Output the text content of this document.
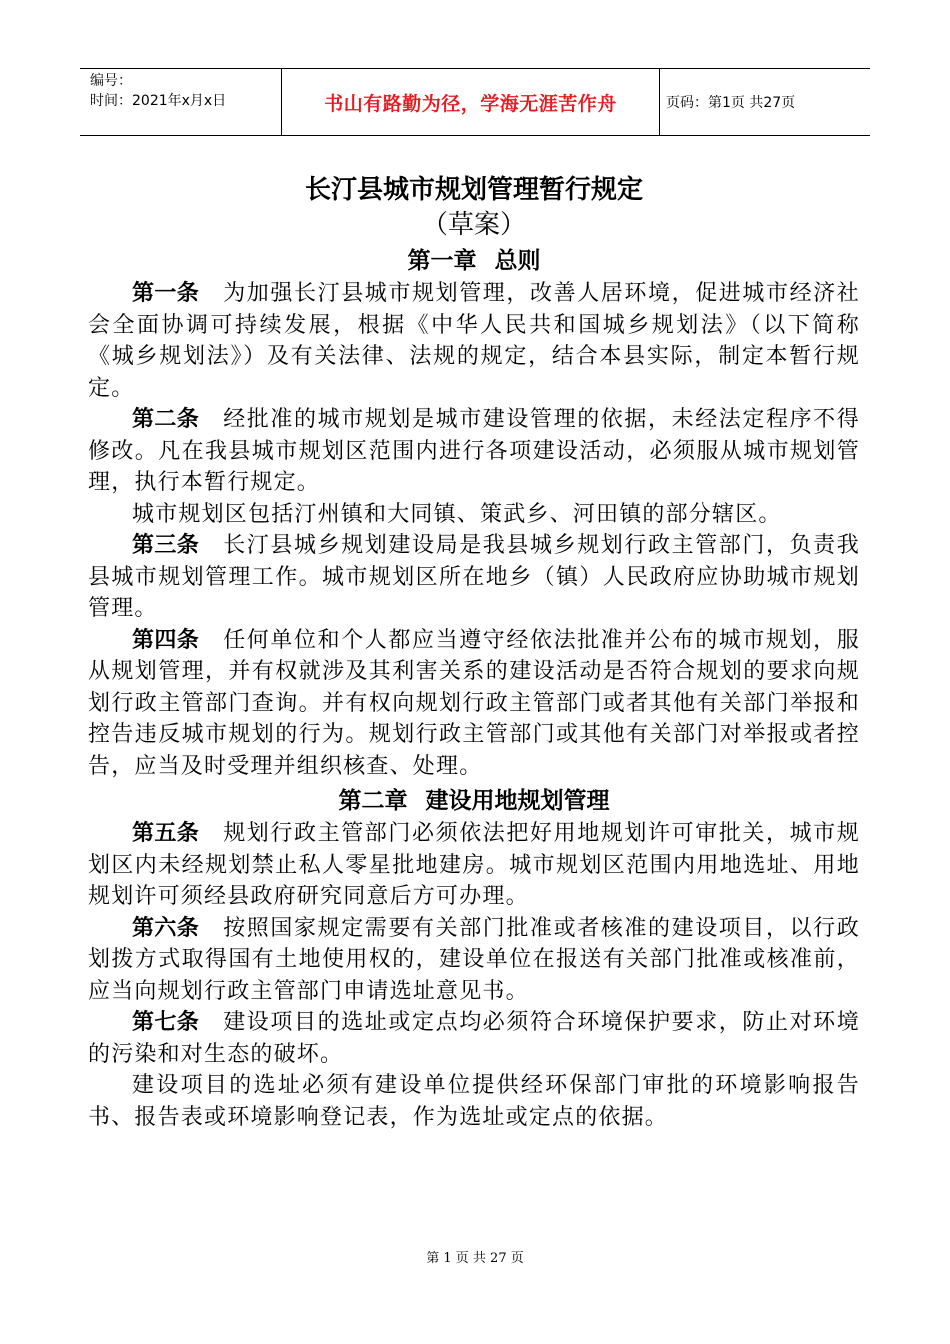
编号：
时间：2021年x月x日	书山有路勤为径，学海无涯苦作舟	页码：第1页 共27页
长汀县城市规划管理暂行规定
（草案）
第一章 总则

第一条 为加强长汀县城市规划管理，改善人居环境，促进城市经济社会全面协调可持续发展，根据《中华人民共和国城乡规划法》（以下简称《城乡规划法》）及有关法律、法规的规定，结合本县实际，制定本暂行规定。

第二条 经批准的城市规划是城市建设管理的依据，未经法定程序不得修改。凡在我县城市规划区范围内进行各项建设活动，必须服从城市规划管理，执行本暂行规定。

城市规划区包括汀州镇和大同镇、策武乡、河田镇的部分辖区。

第三条 长汀县城乡规划建设局是我县城乡规划行政主管部门，负责我县城市规划管理工作。城市规划区所在地乡（镇）人民政府应协助城市规划管理。

第四条 任何单位和个人都应当遵守经依法批准并公布的城市规划，服从规划管理，并有权就涉及其利害关系的建设活动是否符合规划的要求向规划行政主管部门查询。并有权向规划行政主管部门或者其他有关部门举报和控告违反城市规划的行为。规划行政主管部门或其他有关部门对举报或者控告，应当及时受理并组织核查、处理。

第二章 建设用地规划管理

第五条 规划行政主管部门必须依法把好用地规划许可审批关，城市规划区内未经规划禁止私人零星批地建房。城市规划区范围内用地选址、用地规划许可须经县政府研究同意后方可办理。

第六条 按照国家规定需要有关部门批准或者核准的建设项目，以行政划拨方式取得国有土地使用权的，建设单位在报送有关部门批准或核准前，应当向规划行政主管部门申请选址意见书。

第七条 建设项目的选址或定点均必须符合环境保护要求，防止对环境的污染和对生态的破坏。

建设项目的选址必须有建设单位提供经环保部门审批的环境影响报告书、报告表或环境影响登记表，作为选址或定点的依据。

第 1 页 共 27 页
